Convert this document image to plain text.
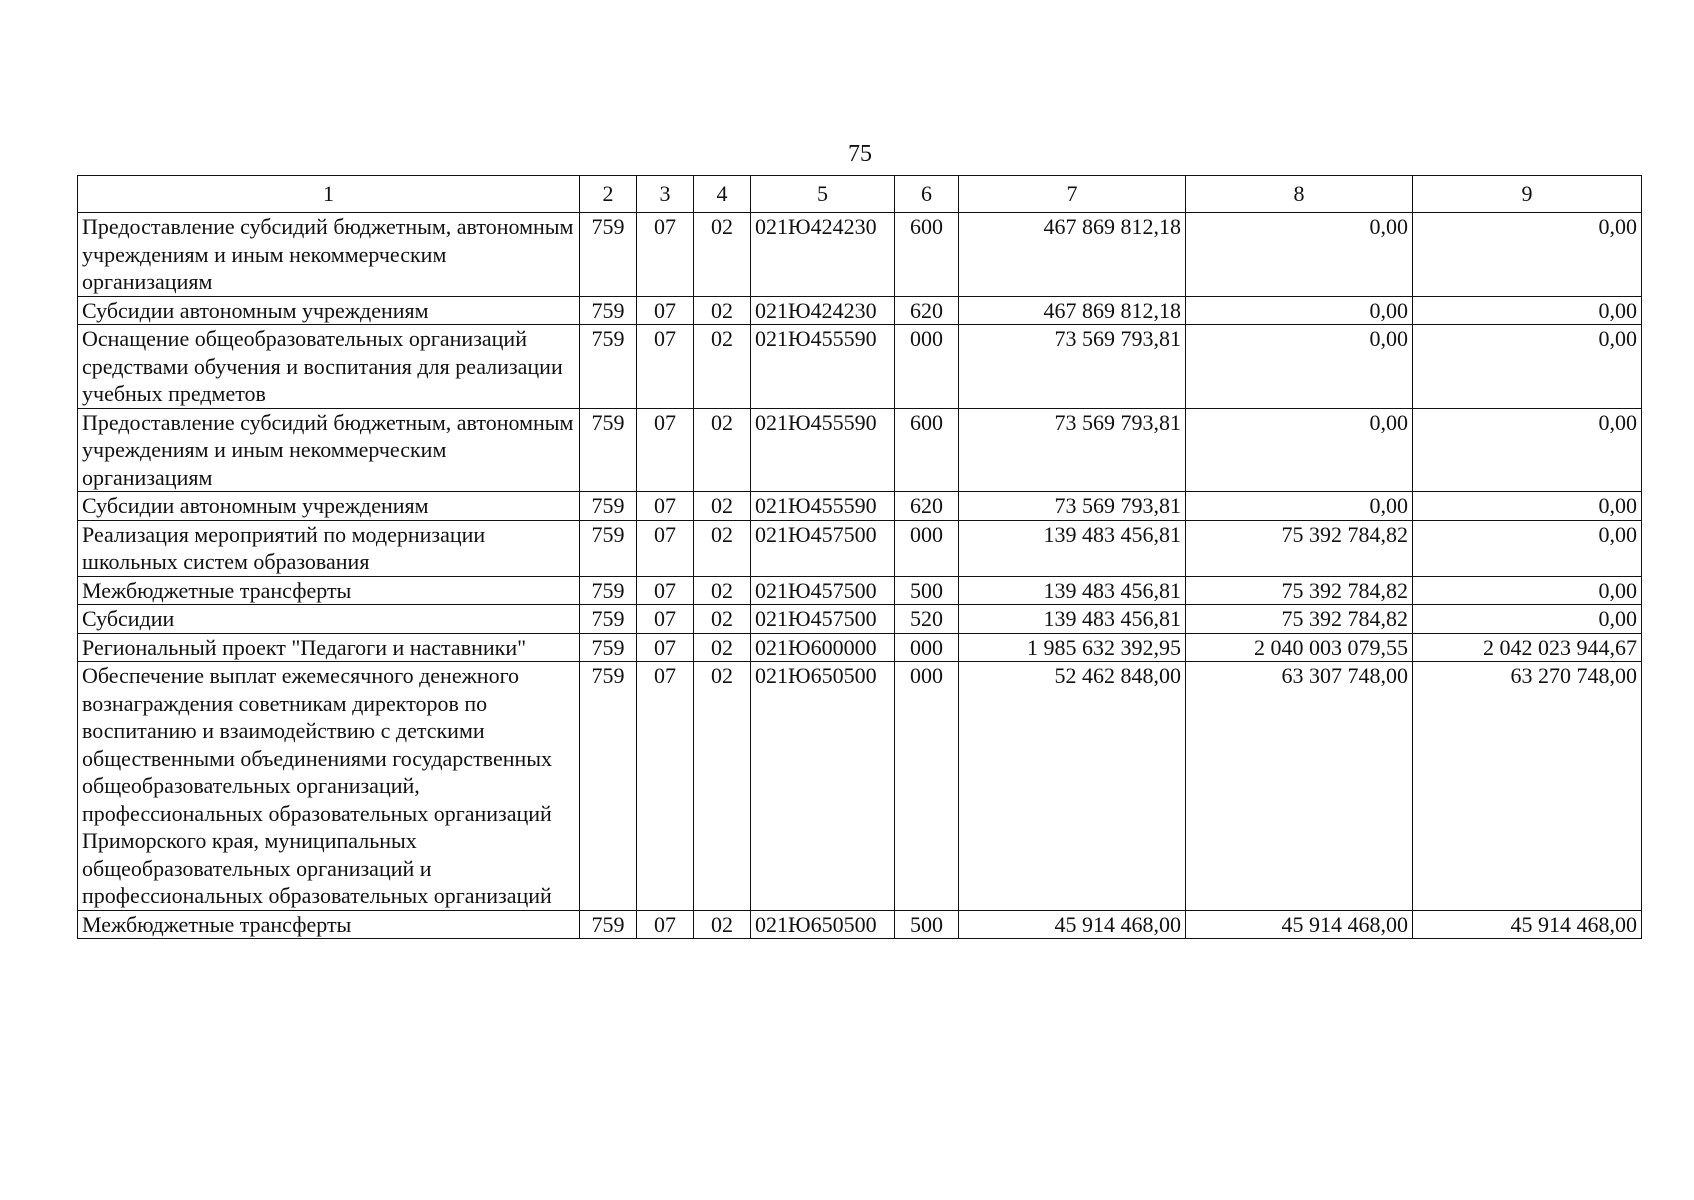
75
1	2	3	4	5	6	7	8	9
Предоставление субсидий бюджетным, автономным учреждениям и иным некоммерческим организациям	759	07	02	021Ю424230	600	467 869 812,18	0,00	0,00
Субсидии автономным учреждениям	759	07	02	021Ю424230	620	467 869 812,18	0,00	0,00
Оснащение общеобразовательных организаций средствами обучения и воспитания для реализации учебных предметов	759	07	02	021Ю455590	000	73 569 793,81	0,00	0,00
Предоставление субсидий бюджетным, автономным учреждениям и иным некоммерческим организациям	759	07	02	021Ю455590	600	73 569 793,81	0,00	0,00
Субсидии автономным учреждениям	759	07	02	021Ю455590	620	73 569 793,81	0,00	0,00
Реализация мероприятий по модернизации школьных систем образования	759	07	02	021Ю457500	000	139 483 456,81	75 392 784,82	0,00
Межбюджетные трансферты	759	07	02	021Ю457500	500	139 483 456,81	75 392 784,82	0,00
Субсидии	759	07	02	021Ю457500	520	139 483 456,81	75 392 784,82	0,00
Региональный проект "Педагоги и наставники"	759	07	02	021Ю600000	000	1 985 632 392,95	2 040 003 079,55	2 042 023 944,67
Обеспечение выплат ежемесячного денежного вознаграждения советникам директоров по воспитанию и взаимодействию с детскими общественными объединениями государственных общеобразовательных организаций, профессиональных образовательных организаций Приморского края, муниципальных общеобразовательных организаций и профессиональных образовательных организаций	759	07	02	021Ю650500	000	52 462 848,00	63 307 748,00	63 270 748,00
Межбюджетные трансферты	759	07	02	021Ю650500	500	45 914 468,00	45 914 468,00	45 914 468,00
